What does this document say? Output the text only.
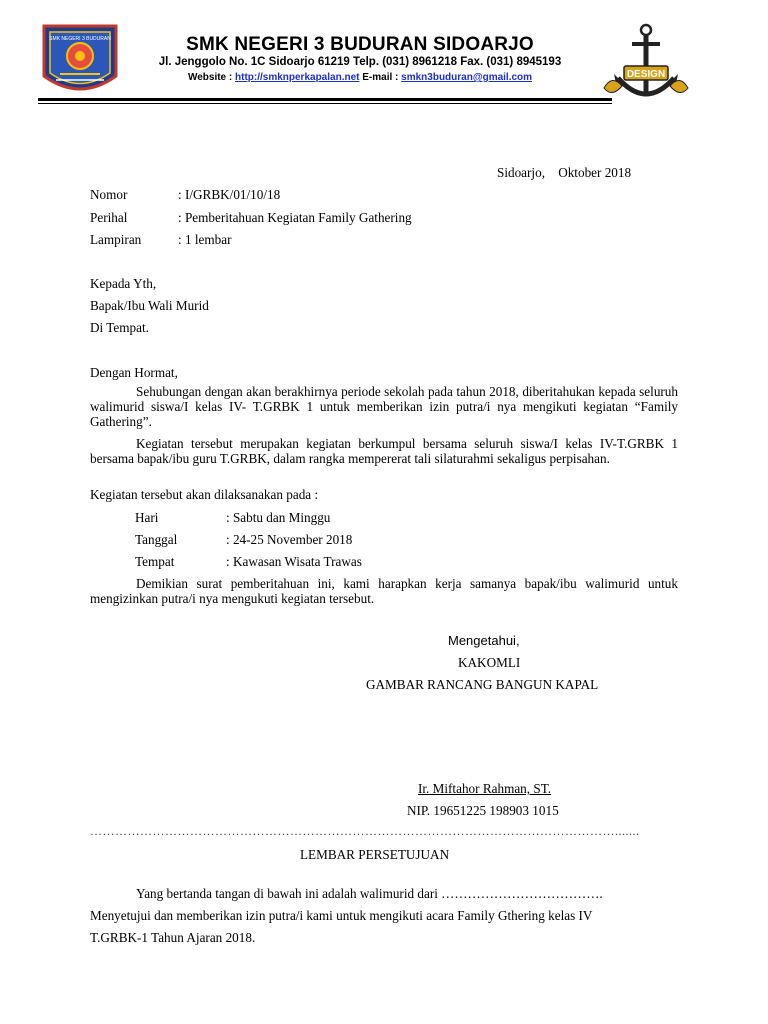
SMK NEGERI 3 BUDURAN	SMK NEGERI 3 BUDURAN SIDOARJO
Jl. Jenggolo No. 1C Sidoarjo 61219 Telp. (031) 8961218 Fax. (031) 8945193
Website : http://smknperkapalan.net E-mail : smkn3buduran@gmail.com	DESIGN
Sidoarjo, Oktober 2018
Nomor	: I/GRBK/01/10/18
Perihal	: Pemberitahuan Kegiatan Family Gathering
Lampiran	: 1 lembar
Kepada Yth,
Bapak/Ibu Wali Murid
Di Tempat.
Dengan Hormat,
Sehubungan dengan akan berakhirnya periode sekolah pada tahun 2018, diberitahukan kepada seluruh walimurid siswa/I kelas IV- T.GRBK 1 untuk memberikan izin putra/i nya mengikuti kegiatan “Family Gathering”.
Kegiatan tersebut merupakan kegiatan berkumpul bersama seluruh siswa/I kelas IV-T.GRBK 1 bersama bapak/ibu guru T.GRBK, dalam rangka mempererat tali silaturahmi sekaligus perpisahan.
Kegiatan tersebut akan dilaksanakan pada :
Hari	: Sabtu dan Minggu
Tanggal	: 24-25 November 2018
Tempat	: Kawasan Wisata Trawas
Demikian surat pemberitahuan ini, kami harapkan kerja samanya bapak/ibu walimurid untuk mengizinkan putra/i nya mengukuti kegiatan tersebut.
Mengetahui,
KAKOMLI
GAMBAR RANCANG BANGUN KAPAL
Ir. Miftahor Rahman, ST.
NIP. 19651225 198903 1015
……………………………………………………………………………………………………………….......
LEMBAR PERSETUJUAN
Yang bertanda tangan di bawah ini adalah walimurid dari ……………………………….
Menyetujui dan memberikan izin putra/i kami untuk mengikuti acara Family Gthering kelas IV
T.GRBK-1 Tahun Ajaran 2018.
